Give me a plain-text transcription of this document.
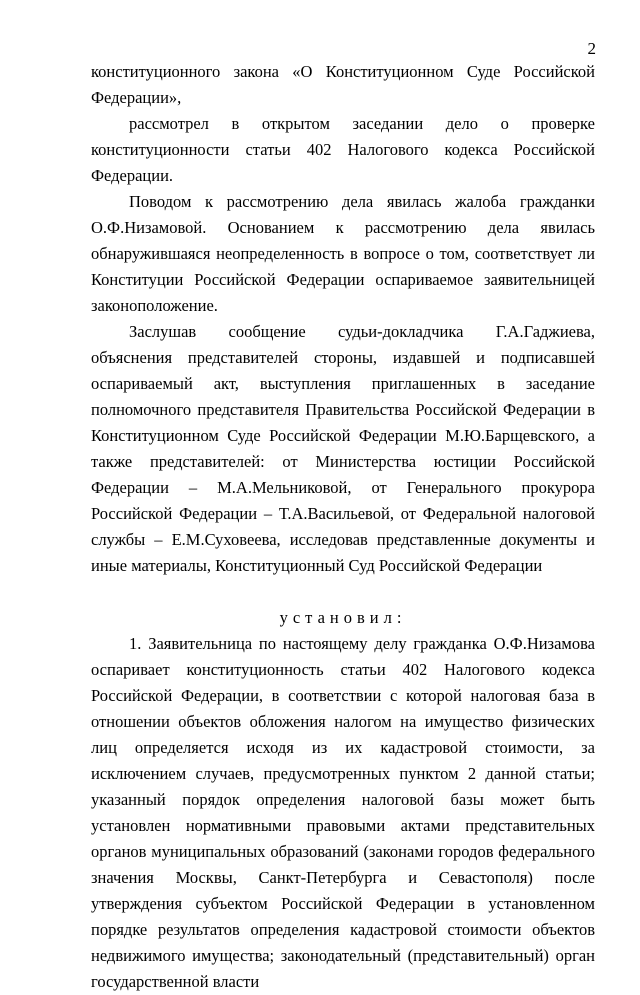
2

конституционного закона «О Конституционном Суде Российской Федерации»,

рассмотрел в открытом заседании дело о проверке конституционности статьи 402 Налогового кодекса Российской Федерации.

Поводом к рассмотрению дела явилась жалоба гражданки О.Ф.Низамовой. Основанием к рассмотрению дела явилась обнаружившаяся неопределенность в вопросе о том, соответствует ли Конституции Российской Федерации оспариваемое заявительницей законоположение.

Заслушав сообщение судьи-докладчика Г.А.Гаджиева, объяснения представителей стороны, издавшей и подписавшей оспариваемый акт, выступления приглашенных в заседание полномочного представителя Правительства Российской Федерации в Конституционном Суде Российской Федерации М.Ю.Барщевского, а также представителей: от Министерства юстиции Российской Федерации – М.А.Мельниковой, от Генерального прокурора Российской Федерации – Т.А.Васильевой, от Федеральной налоговой службы – Е.М.Суховеева, исследовав представленные документы и иные материалы, Конституционный Суд Российской Федерации

установил:

1. Заявительница по настоящему делу гражданка О.Ф.Низамова оспаривает конституционность статьи 402 Налогового кодекса Российской Федерации, в соответствии с которой налоговая база в отношении объектов обложения налогом на имущество физических лиц определяется исходя из их кадастровой стоимости, за исключением случаев, предусмотренных пунктом 2 данной статьи; указанный порядок определения налоговой базы может быть установлен нормативными правовыми актами представительных органов муниципальных образований (законами городов федерального значения Москвы, Санкт-Петербурга и Севастополя) после утверждения субъектом Российской Федерации в установленном порядке результатов определения кадастровой стоимости объектов недвижимого имущества; законодательный (представительный) орган государственной власти
